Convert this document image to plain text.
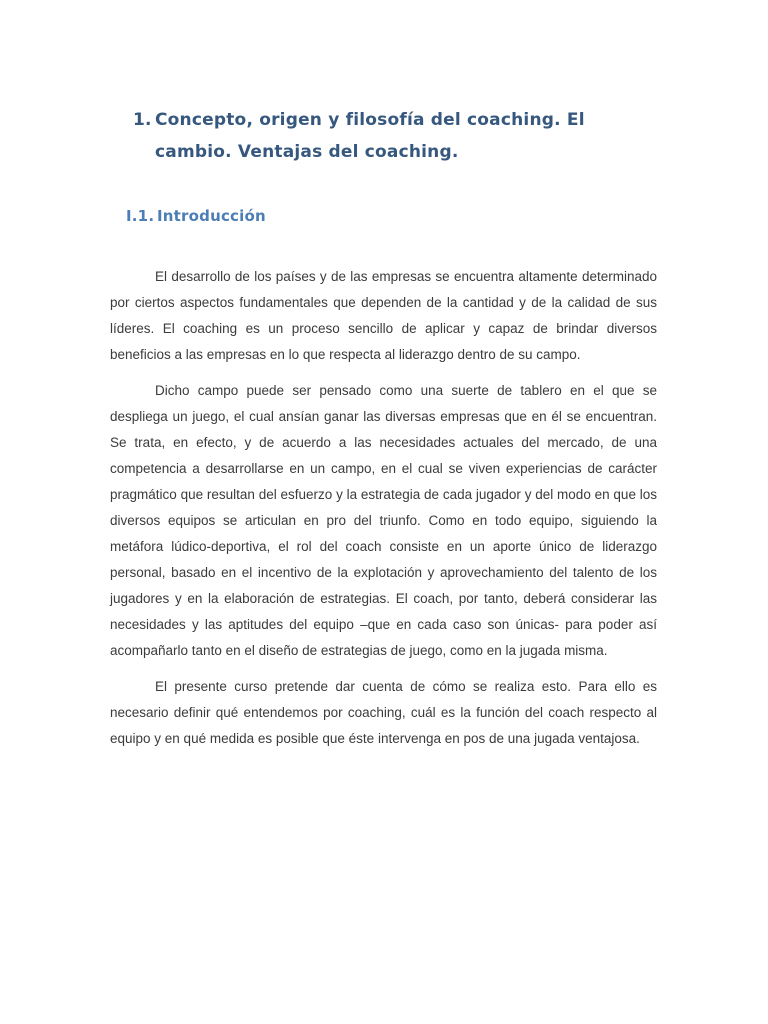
1. Concepto, origen y filosofía del coaching. El cambio. Ventajas del coaching.
I.1. Introducción

El desarrollo de los países y de las empresas se encuentra altamente determinado por ciertos aspectos fundamentales que dependen de la cantidad y de la calidad de sus líderes. El coaching es un proceso sencillo de aplicar y capaz de brindar diversos beneficios a las empresas en lo que respecta al liderazgo dentro de su campo.

Dicho campo puede ser pensado como una suerte de tablero en el que se despliega un juego, el cual ansían ganar las diversas empresas que en él se encuentran. Se trata, en efecto, y de acuerdo a las necesidades actuales del mercado, de una competencia a desarrollarse en un campo, en el cual se viven experiencias de carácter pragmático que resultan del esfuerzo y la estrategia de cada jugador y del modo en que los diversos equipos se articulan en pro del triunfo. Como en todo equipo, siguiendo la metáfora lúdico-deportiva, el rol del coach consiste en un aporte único de liderazgo personal, basado en el incentivo de la explotación y aprovechamiento del talento de los jugadores y en la elaboración de estrategias. El coach, por tanto, deberá considerar las necesidades y las aptitudes del equipo –que en cada caso son únicas- para poder así acompañarlo tanto en el diseño de estrategias de juego, como en la jugada misma.

El presente curso pretende dar cuenta de cómo se realiza esto. Para ello es necesario definir qué entendemos por coaching, cuál es la función del coach respecto al equipo y en qué medida es posible que éste intervenga en pos de una jugada ventajosa.
